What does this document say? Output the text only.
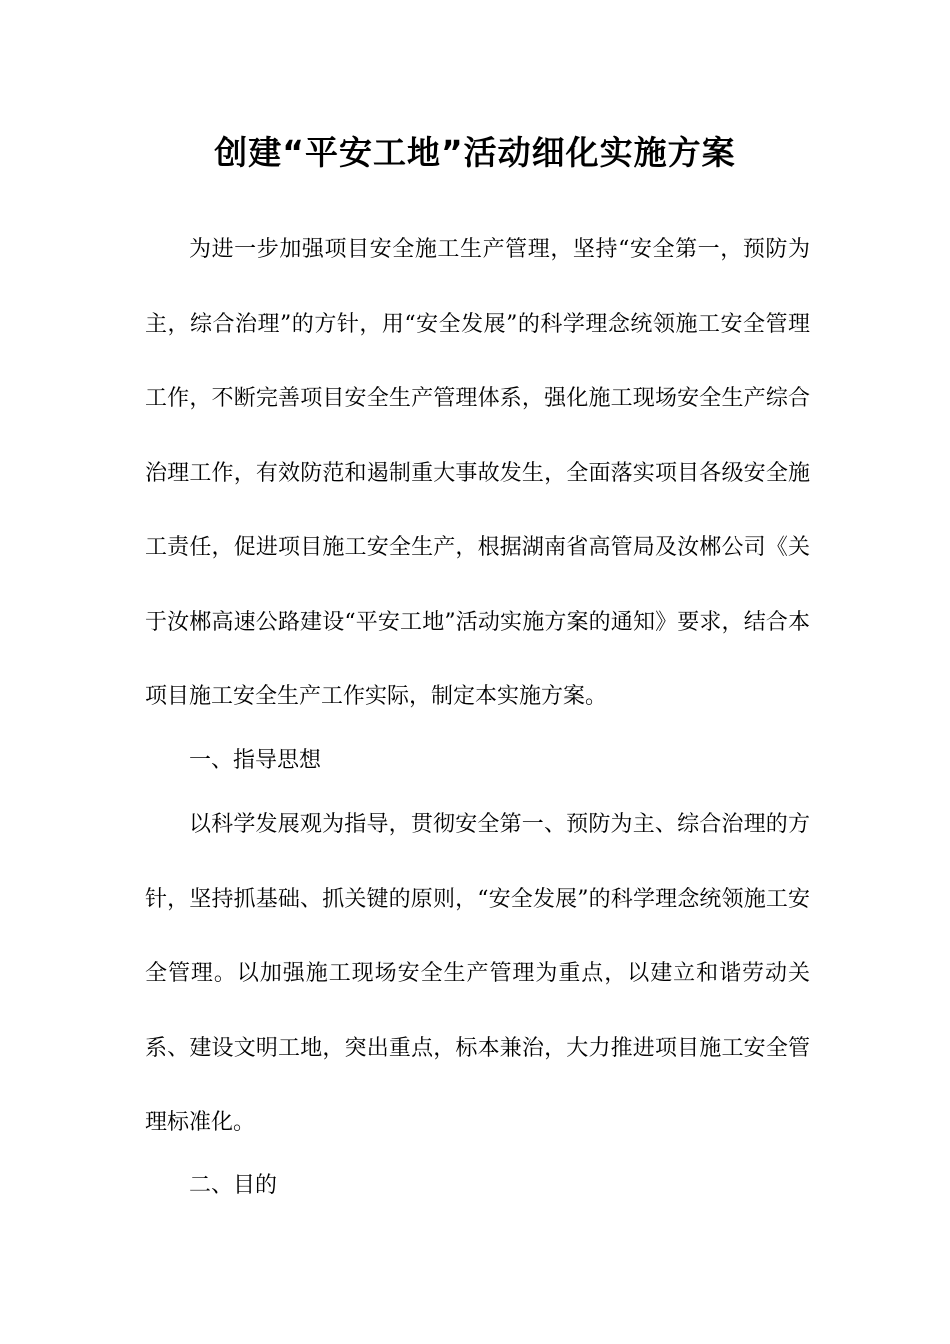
创建“平安工地”活动细化实施方案

为进一步加强项目安全施工生产管理，坚持“安全第一，预防为主，综合治理”的方针，用“安全发展”的科学理念统领施工安全管理工作，不断完善项目安全生产管理体系，强化施工现场安全生产综合治理工作，有效防范和遏制重大事故发生，全面落实项目各级安全施工责任，促进项目施工安全生产，根据湖南省高管局及汝郴公司《关于汝郴高速公路建设“平安工地”活动实施方案的通知》要求，结合本项目施工安全生产工作实际，制定本实施方案。

一、指导思想

以科学发展观为指导，贯彻安全第一、预防为主、综合治理的方针，坚持抓基础、抓关键的原则，“安全发展”的科学理念统领施工安全管理。以加强施工现场安全生产管理为重点，以建立和谐劳动关系、建设文明工地，突出重点，标本兼治，大力推进项目施工安全管理标准化。

二、目的
